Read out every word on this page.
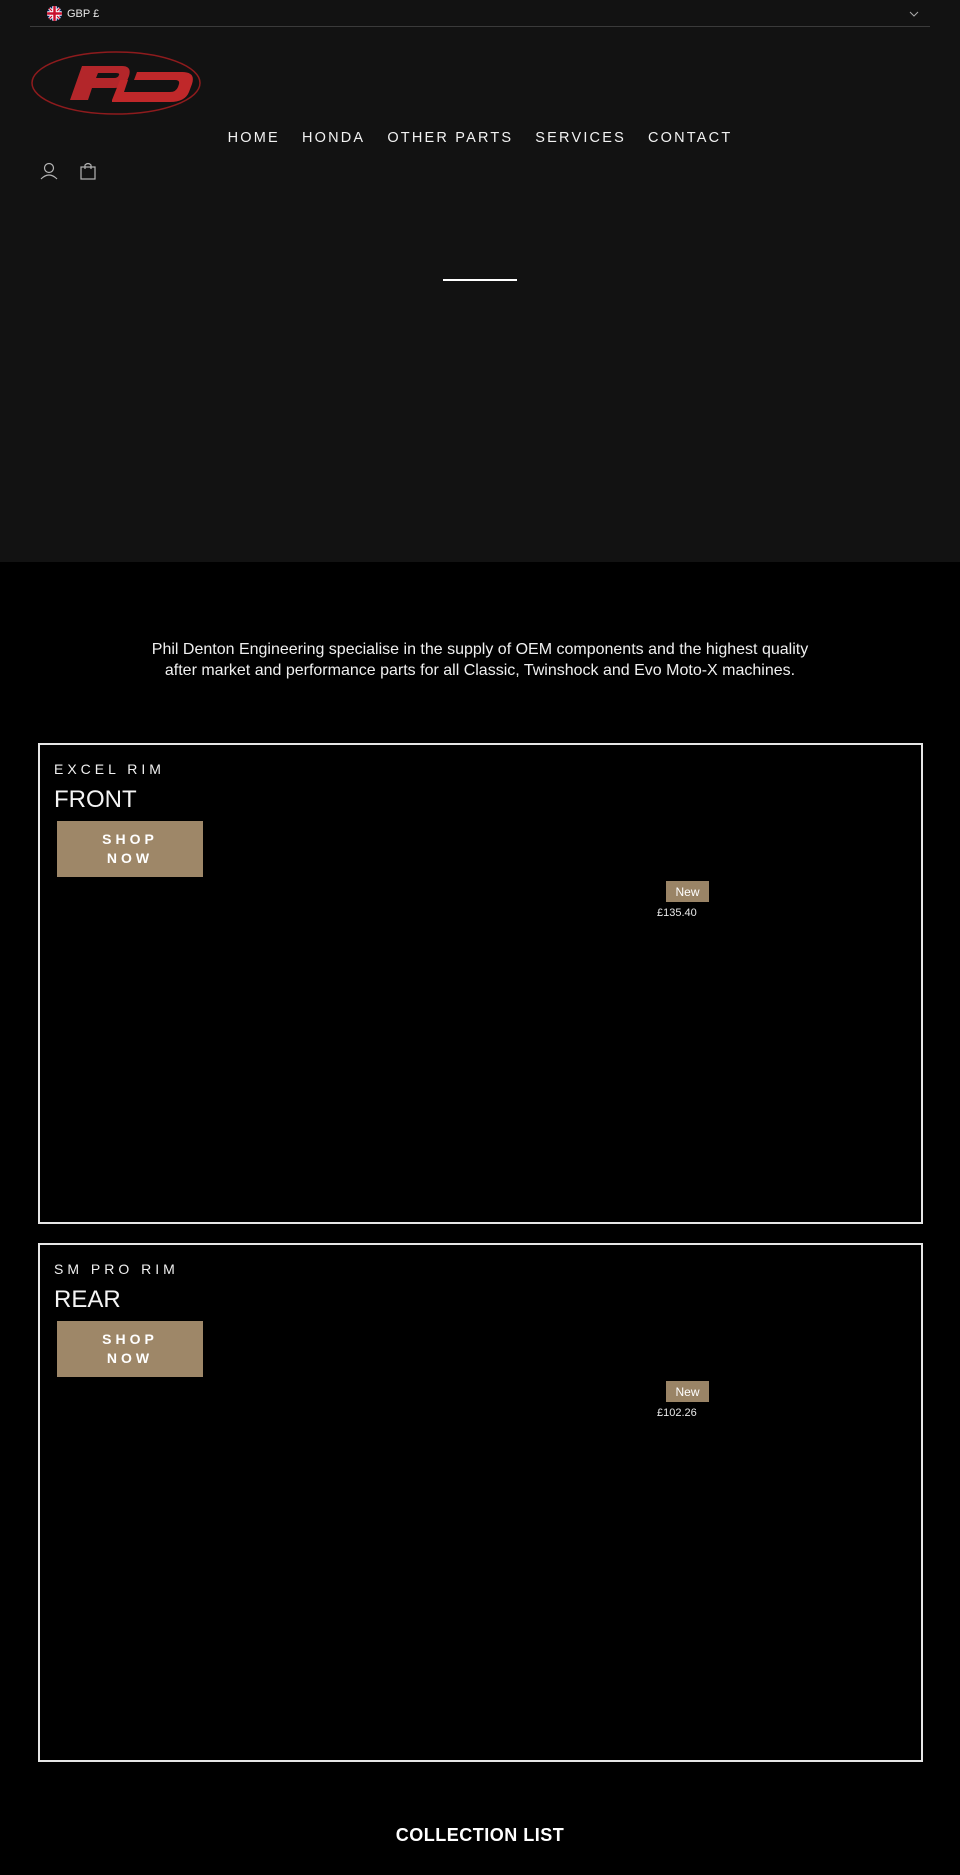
GBP £
HOME HONDA OTHER PARTS SERVICES CONTACT
Phil Denton Engineering specialise in the supply of OEM components and the highest quality
after market and performance parts for all Classic, Twinshock and Evo Moto-X machines.
EXCEL RIM
FRONT
SHOP
NOW
New
£135.40
SM PRO RIM
REAR
SHOP
NOW
New
£102.26
COLLECTION LIST
